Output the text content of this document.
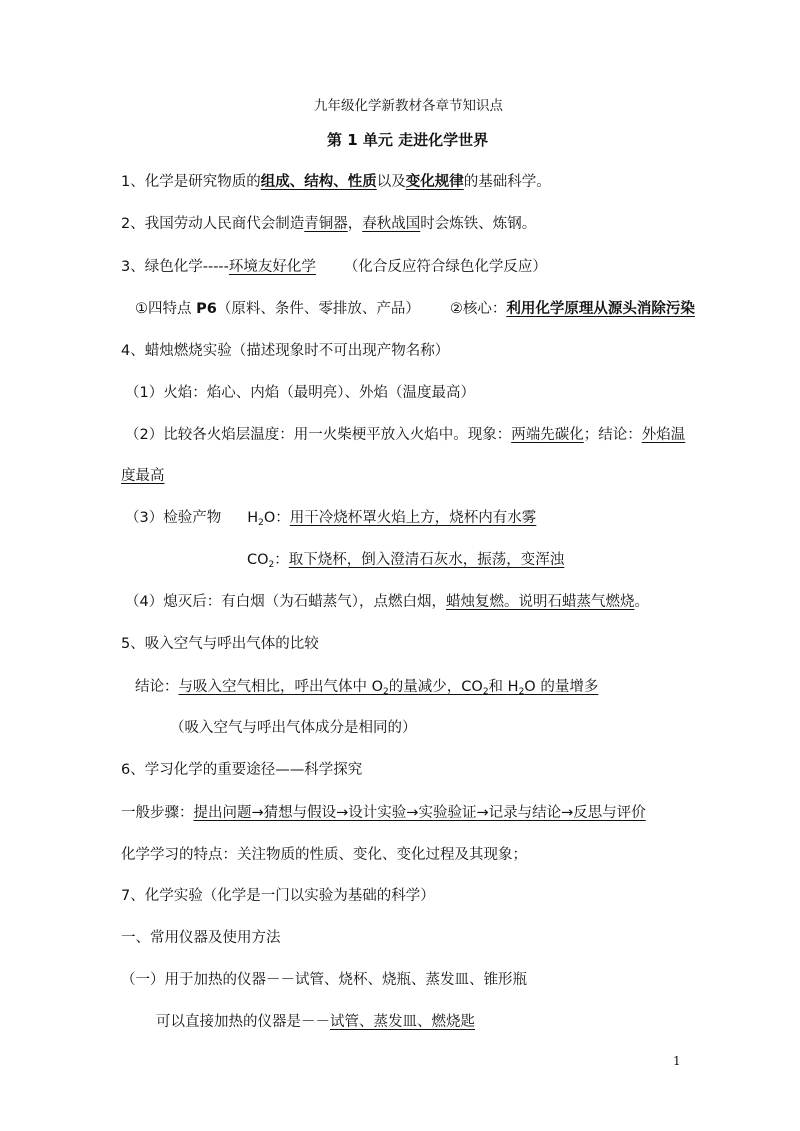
九年级化学新教材各章节知识点
第 1 单元 走进化学世界
1、化学是研究物质的组成、结构、性质以及变化规律的基础科学。
2、我国劳动人民商代会制造青铜器，春秋战国时会炼铁、炼钢。
3、绿色化学-----环境友好化学 （化合反应符合绿色化学反应）
①四特点 P6（原料、条件、零排放、产品） ②核心：利用化学原理从源头消除污染
4、蜡烛燃烧实验（描述现象时不可出现产物名称）
（1）火焰：焰心、内焰（最明亮）、外焰（温度最高）
（2）比较各火焰层温度：用一火柴梗平放入火焰中。现象：两端先碳化；结论：外焰温
度最高
（3）检验产物 $H_2O$：用干冷烧杯罩火焰上方，烧杯内有水雾
$CO_2$：取下烧杯，倒入澄清石灰水，振荡，变浑浊
（4）熄灭后：有白烟（为石蜡蒸气），点燃白烟，蜡烛复燃。说明石蜡蒸气燃烧。
5、吸入空气与呼出气体的比较
结论：与吸入空气相比，呼出气体中 $O_2$的量减少，$CO_2$和 $H_2O$ 的量增多
（吸入空气与呼出气体成分是相同的）
6、学习化学的重要途径——科学探究
一般步骤：提出问题→猜想与假设→设计实验→实验验证→记录与结论→反思与评价
化学学习的特点：关注物质的性质、变化、变化过程及其现象；
7、化学实验（化学是一门以实验为基础的科学）
一、常用仪器及使用方法
（一）用于加热的仪器－－试管、烧杯、烧瓶、蒸发皿、锥形瓶
可以直接加热的仪器是－－试管、蒸发皿、燃烧匙
1
